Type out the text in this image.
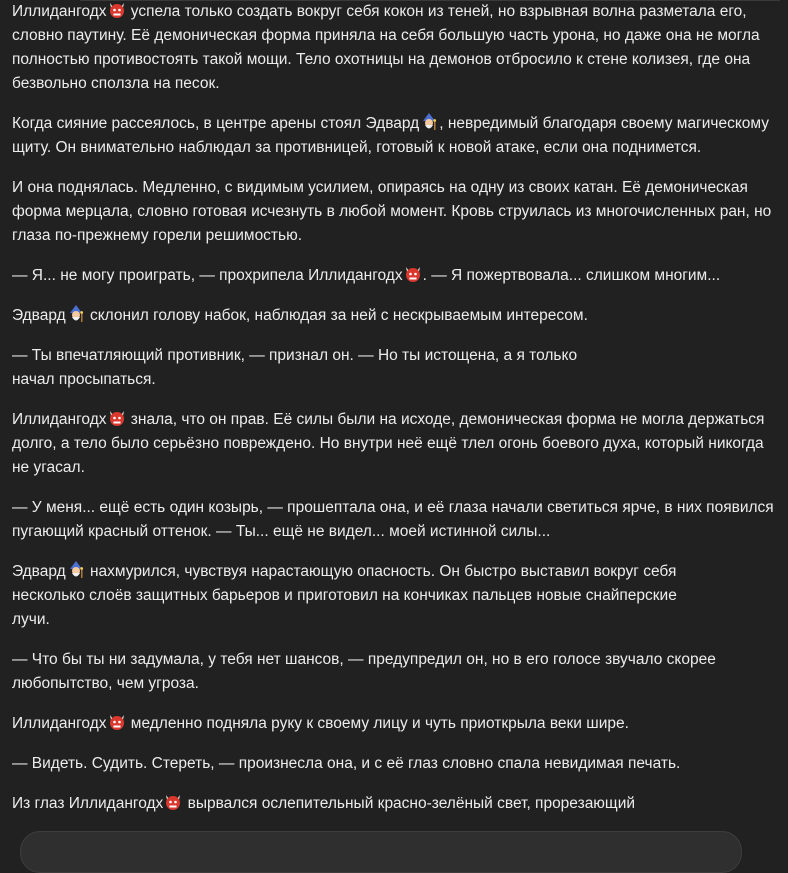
Иллидангодх успела только создать вокруг себя кокон из теней, но взрывная волна разметала его, словно паутину. Её демоническая форма приняла на себя большую часть урона, но даже она не могла полностью противостоять такой мощи. Тело охотницы на демонов отбросило к стене колизея, где она безвольно сползла на песок.

Когда сияние рассеялось, в центре арены стоял Эдвард , невредимый благодаря своему магическому щиту. Он внимательно наблюдал за противницей, готовый к новой атаке, если она поднимется.

И она поднялась. Медленно, с видимым усилием, опираясь на одну из своих катан. Её демоническая форма мерцала, словно готовая исчезнуть в любой момент. Кровь струилась из многочисленных ран, но глаза по-прежнему горели решимостью.

— Я... не могу проиграть, — прохрипела Иллидангодх . — Я пожертвовала... слишком многим...

Эдвард склонил голову набок, наблюдая за ней с нескрываемым интересом.

— Ты впечатляющий противник, — признал он. — Но ты истощена, а я только начал просыпаться.

Иллидангодх знала, что он прав. Её силы были на исходе, демоническая форма не могла держаться долго, а тело было серьёзно повреждено. Но внутри неё ещё тлел огонь боевого духа, который никогда не угасал.

— У меня... ещё есть один козырь, — прошептала она, и её глаза начали светиться ярче, в них появился пугающий красный оттенок. — Ты... ещё не видел... моей истинной силы...

Эдвард нахмурился, чувствуя нарастающую опасность. Он быстро выставил вокруг себя несколько слоёв защитных барьеров и приготовил на кончиках пальцев новые снайперские лучи.

— Что бы ты ни задумала, у тебя нет шансов, — предупредил он, но в его голосе звучало скорее любопытство, чем угроза.

Иллидангодх медленно подняла руку к своему лицу и чуть приоткрыла веки шире.

— Видеть. Судить. Стереть, — произнесла она, и с её глаз словно спала невидимая печать.

Из глаз Иллидангодх вырвался ослепительный красно-зелёный свет, прорезающий
